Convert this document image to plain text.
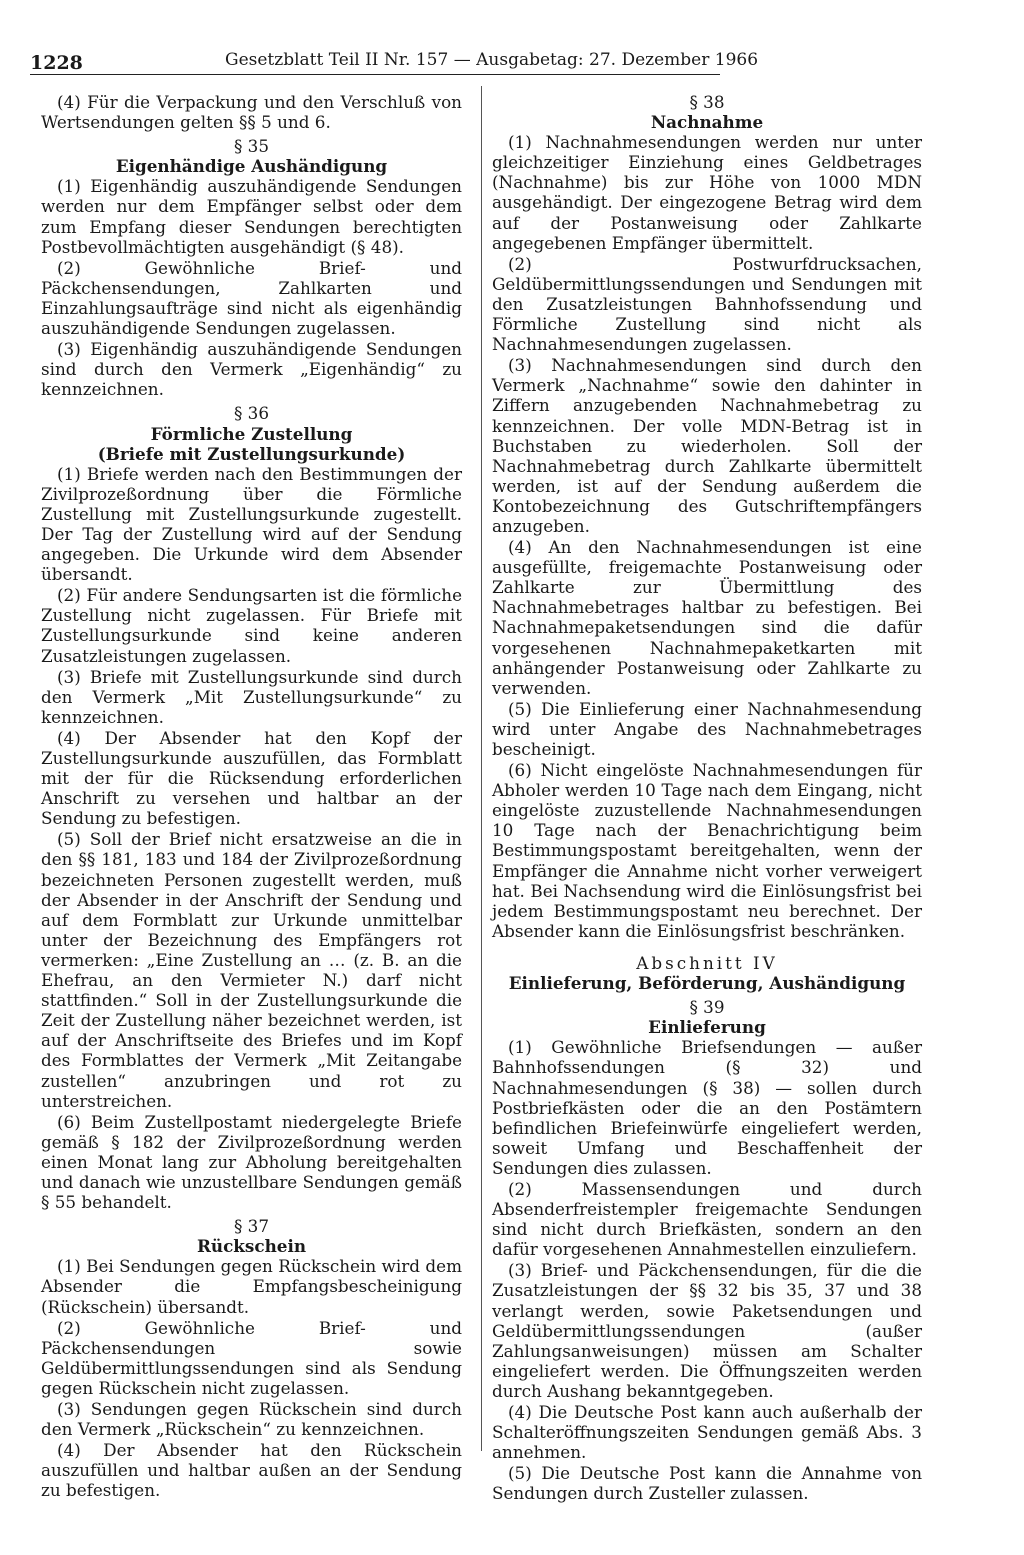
1228	Gesetzblatt Teil II Nr. 157 — Ausgabetag: 27. Dezember 1966

(4) Für die Verpackung und den Verschluß von Wertsendungen gelten §§ 5 und 6.

§ 35
Eigenhändige Aushändigung

(1) Eigenhändig auszuhändigende Sendungen werden nur dem Empfänger selbst oder dem zum Empfang dieser Sendungen berechtigten Postbevollmächtigten ausgehändigt (§ 48).

(2) Gewöhnliche Brief- und Päckchensendungen, Zahlkarten und Einzahlungsaufträge sind nicht als eigenhändig auszuhändigende Sendungen zugelassen.

(3) Eigenhändig auszuhändigende Sendungen sind durch den Vermerk „Eigenhändig“ zu kennzeichnen.

§ 36
Förmliche Zustellung
(Briefe mit Zustellungsurkunde)

(1) Briefe werden nach den Bestimmungen der Zivilprozeßordnung über die Förmliche Zustellung mit Zustellungsurkunde zugestellt. Der Tag der Zustellung wird auf der Sendung angegeben. Die Urkunde wird dem Absender übersandt.

(2) Für andere Sendungsarten ist die förmliche Zustellung nicht zugelassen. Für Briefe mit Zustellungsurkunde sind keine anderen Zusatzleistungen zugelassen.

(3) Briefe mit Zustellungsurkunde sind durch den Vermerk „Mit Zustellungsurkunde“ zu kennzeichnen.

(4) Der Absender hat den Kopf der Zustellungsurkunde auszufüllen, das Formblatt mit der für die Rücksendung erforderlichen Anschrift zu versehen und haltbar an der Sendung zu befestigen.

(5) Soll der Brief nicht ersatzweise an die in den §§ 181, 183 und 184 der Zivilprozeßordnung bezeichneten Personen zugestellt werden, muß der Absender in der Anschrift der Sendung und auf dem Formblatt zur Urkunde unmittelbar unter der Bezeichnung des Empfängers rot vermerken: „Eine Zustellung an … (z. B. an die Ehefrau, an den Vermieter N.) darf nicht stattfinden.“ Soll in der Zustellungsurkunde die Zeit der Zustellung näher bezeichnet werden, ist auf der Anschriftseite des Briefes und im Kopf des Formblattes der Vermerk „Mit Zeitangabe zustellen“ anzubringen und rot zu unterstreichen.

(6) Beim Zustellpostamt niedergelegte Briefe gemäß § 182 der Zivilprozeßordnung werden einen Monat lang zur Abholung bereitgehalten und danach wie unzustellbare Sendungen gemäß § 55 behandelt.

§ 37
Rückschein

(1) Bei Sendungen gegen Rückschein wird dem Absender die Empfangsbescheinigung (Rückschein) übersandt.

(2) Gewöhnliche Brief- und Päckchensendungen sowie Geldübermittlungssendungen sind als Sendung gegen Rückschein nicht zugelassen.

(3) Sendungen gegen Rückschein sind durch den Vermerk „Rückschein“ zu kennzeichnen.

(4) Der Absender hat den Rückschein auszufüllen und haltbar außen an der Sendung zu befestigen.

§ 38
Nachnahme

(1) Nachnahmesendungen werden nur unter gleichzeitiger Einziehung eines Geldbetrages (Nachnahme) bis zur Höhe von 1000 MDN ausgehändigt. Der eingezogene Betrag wird dem auf der Postanweisung oder Zahlkarte angegebenen Empfänger übermittelt.

(2) Postwurfdrucksachen, Geldübermittlungssendungen und Sendungen mit den Zusatzleistungen Bahnhofssendung und Förmliche Zustellung sind nicht als Nachnahmesendungen zugelassen.

(3) Nachnahmesendungen sind durch den Vermerk „Nachnahme“ sowie den dahinter in Ziffern anzugebenden Nachnahmebetrag zu kennzeichnen. Der volle MDN-Betrag ist in Buchstaben zu wiederholen. Soll der Nachnahmebetrag durch Zahlkarte übermittelt werden, ist auf der Sendung außerdem die Kontobezeichnung des Gutschriftempfängers anzugeben.

(4) An den Nachnahmesendungen ist eine ausgefüllte, freigemachte Postanweisung oder Zahlkarte zur Übermittlung des Nachnahmebetrages haltbar zu befestigen. Bei Nachnahmepaketsendungen sind die dafür vorgesehenen Nachnahmepaketkarten mit anhängender Postanweisung oder Zahlkarte zu verwenden.

(5) Die Einlieferung einer Nachnahmesendung wird unter Angabe des Nachnahmebetrages bescheinigt.

(6) Nicht eingelöste Nachnahmesendungen für Abholer werden 10 Tage nach dem Eingang, nicht eingelöste zuzustellende Nachnahmesendungen 10 Tage nach der Benachrichtigung beim Bestimmungspostamt bereitgehalten, wenn der Empfänger die Annahme nicht vorher verweigert hat. Bei Nachsendung wird die Einlösungsfrist bei jedem Bestimmungspostamt neu berechnet. Der Absender kann die Einlösungsfrist beschränken.

Abschnitt IV
Einlieferung, Beförderung, Aushändigung
§ 39
Einlieferung

(1) Gewöhnliche Briefsendungen — außer Bahnhofssendungen (§ 32) und Nachnahmesendungen (§ 38) — sollen durch Postbriefkästen oder die an den Postämtern befindlichen Briefeinwürfe eingeliefert werden, soweit Umfang und Beschaffenheit der Sendungen dies zulassen.

(2) Massensendungen und durch Absenderfreistempler freigemachte Sendungen sind nicht durch Briefkästen, sondern an den dafür vorgesehenen Annahmestellen einzuliefern.

(3) Brief- und Päckchensendungen, für die die Zusatzleistungen der §§ 32 bis 35, 37 und 38 verlangt werden, sowie Paketsendungen und Geldübermittlungssendungen (außer Zahlungsanweisungen) müssen am Schalter eingeliefert werden. Die Öffnungszeiten werden durch Aushang bekanntgegeben.

(4) Die Deutsche Post kann auch außerhalb der Schalteröffnungszeiten Sendungen gemäß Abs. 3 annehmen.

(5) Die Deutsche Post kann die Annahme von Sendungen durch Zusteller zulassen.
